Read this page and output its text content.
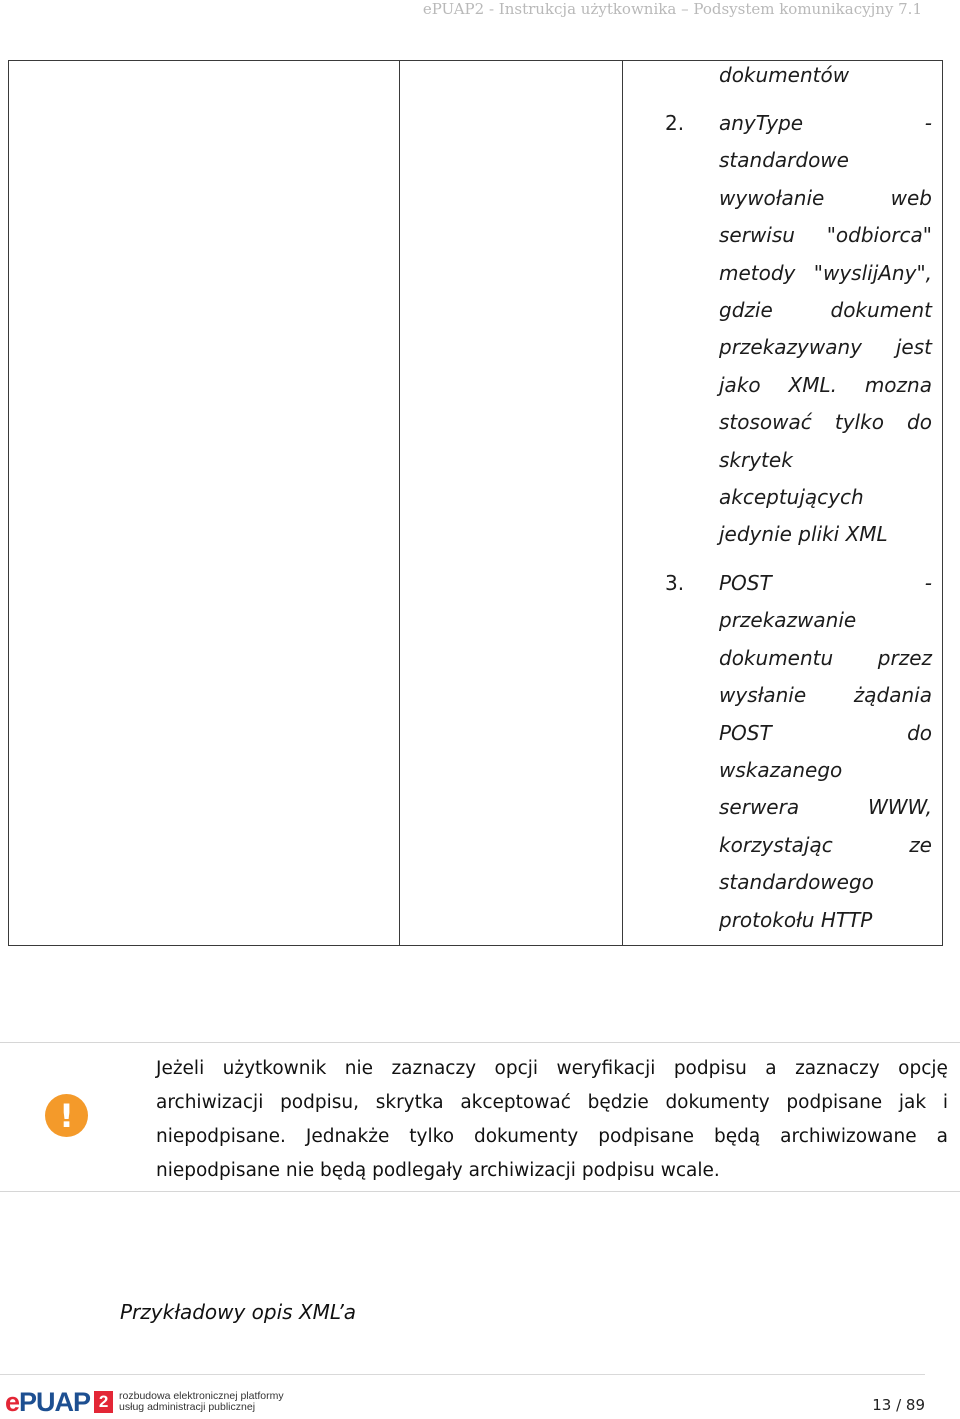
ePUAP2 - Instrukcja użytkownika – Podsystem komunikacyjny 7.1
dokumentów
2. anyType	-
standardowe
wywołanie	web
serwisu "odbiorca"
metody "wyslijAny",
gdzie	dokument
przekazywany jest
jako XML. mozna
stosować tylko do
skrytek
akceptujących
jedynie pliki XML
3. POST	-
przekazwanie
dokumentu przez
wysłanie żądania
POST	do
wskazanego
serwera	WWW,
korzystając	ze
standardowego
protokołu HTTP
!
Jeżeli użytkownik nie zaznaczy opcji weryfikacji podpisu a zaznaczy opcję
archiwizacji podpisu, skrytka akceptować będzie dokumenty podpisane jak i
niepodpisane. Jednakże tylko dokumenty podpisane będą archiwizowane a
niepodpisane nie będą podlegały archiwizacji podpisu wcale.
Przykładowy opis XML’a
ePUAP 2	rozbudowa elektronicznej platformy
usług administracji publicznej	13 / 89
